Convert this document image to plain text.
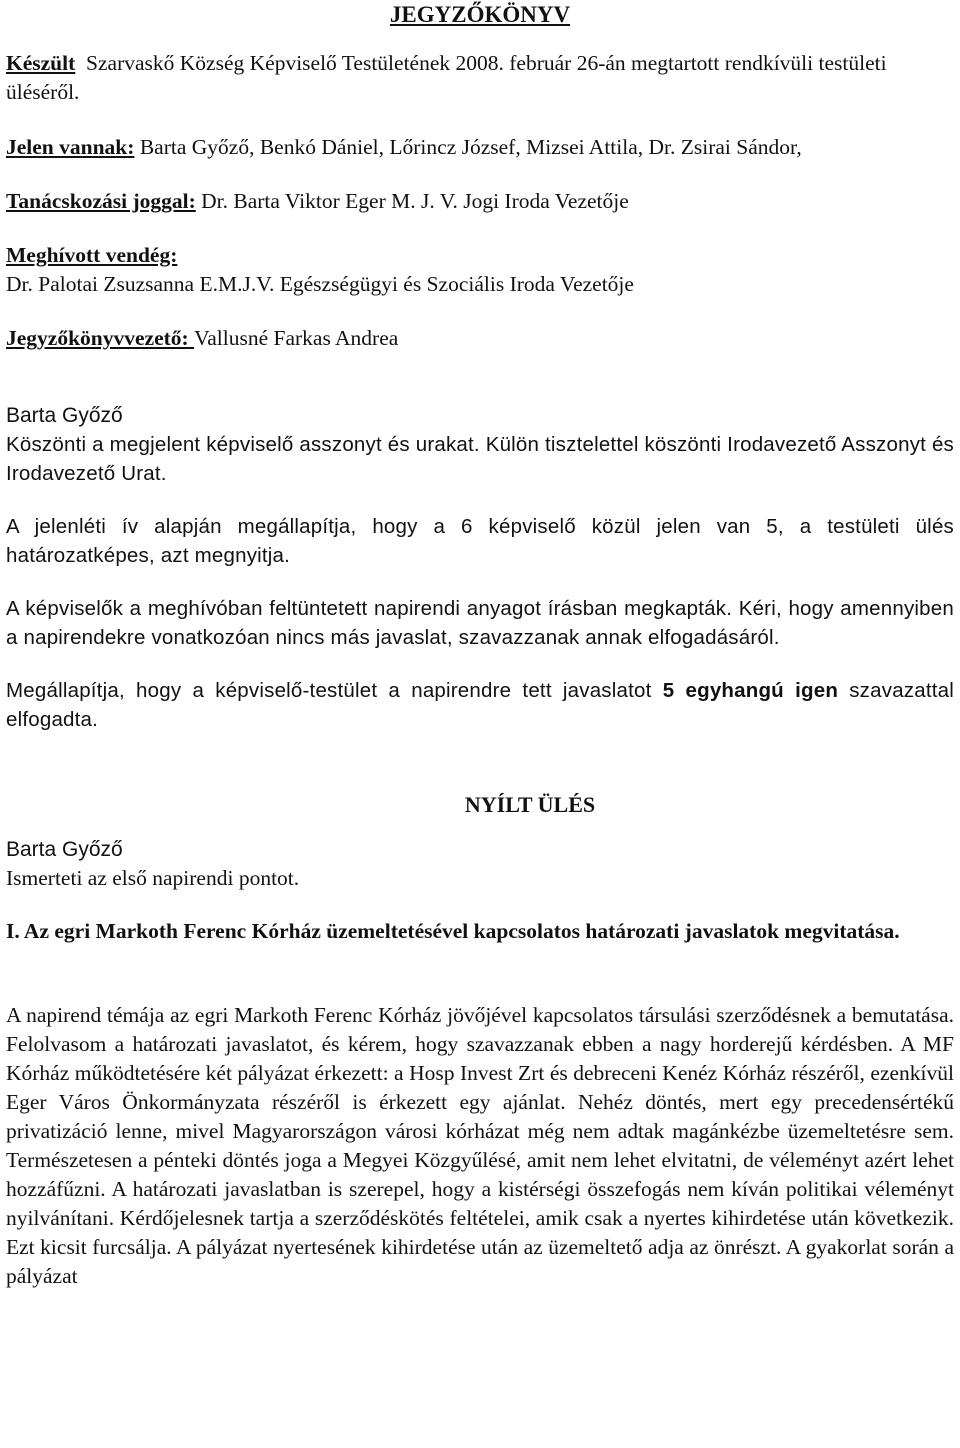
JEGYZŐKÖNYV

Készült Szarvaskő Község Képviselő Testületének 2008. február 26-án megtartott rendkívüli testületi üléséről.

Jelen vannak: Barta Győző, Benkó Dániel, Lőrincz József, Mizsei Attila, Dr. Zsirai Sándor,

Tanácskozási joggal: Dr. Barta Viktor Eger M. J. V. Jogi Iroda Vezetője

Meghívott vendég:

Dr. Palotai Zsuzsanna E.M.J.V. Egészségügyi és Szociális Iroda Vezetője

Jegyzőkönyvvezető: Vallusné Farkas Andrea

Barta Győző

Köszönti a megjelent képviselő asszonyt és urakat. Külön tisztelettel köszönti Irodavezető Asszonyt és Irodavezető Urat.

A jelenléti ív alapján megállapítja, hogy a 6 képviselő közül jelen van 5, a testületi ülés határozatképes, azt megnyitja.

A képviselők a meghívóban feltüntetett napirendi anyagot írásban megkapták. Kéri, hogy amennyiben a napirendekre vonatkozóan nincs más javaslat, szavazzanak annak elfogadásáról.

Megállapítja, hogy a képviselő-testület a napirendre tett javaslatot 5 egyhangú igen szavazattal elfogadta.

NYÍLT ÜLÉS

Barta Győző

Ismerteti az első napirendi pontot.

I. Az egri Markoth Ferenc Kórház üzemeltetésével kapcsolatos határozati javaslatok megvitatása.

A napirend témája az egri Markoth Ferenc Kórház jövőjével kapcsolatos társulási szerződésnek a bemutatása. Felolvasom a határozati javaslatot, és kérem, hogy szavazzanak ebben a nagy horderejű kérdésben. A MF Kórház működtetésére két pályázat érkezett: a Hosp Invest Zrt és debreceni Kenéz Kórház részéről, ezenkívül Eger Város Önkormányzata részéről is érkezett egy ajánlat. Nehéz döntés, mert egy precedensértékű privatizáció lenne, mivel Magyarországon városi kórházat még nem adtak magánkézbe üzemeltetésre sem. Természetesen a pénteki döntés joga a Megyei Közgyűlésé, amit nem lehet elvitatni, de véleményt azért lehet hozzáfűzni. A határozati javaslatban is szerepel, hogy a kistérségi összefogás nem kíván politikai véleményt nyilvánítani. Kérdőjelesnek tartja a szerződéskötés feltételei, amik csak a nyertes kihirdetése után következik. Ezt kicsit furcsálja. A pályázat nyertesének kihirdetése után az üzemeltető adja az önrészt. A gyakorlat során a pályázat
